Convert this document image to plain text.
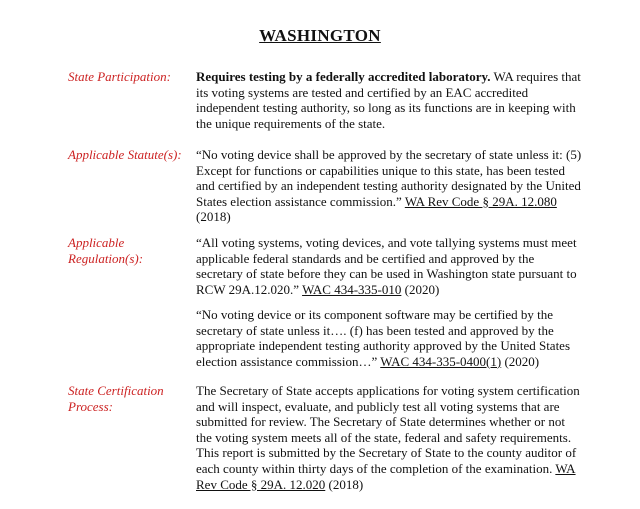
WASHINGTON
State Participation:	Requires testing by a federally accredited laboratory. WA requires that its voting systems are tested and certified by an EAC accredited independent testing authority, so long as its functions are in keeping with the unique requirements of the state.

Applicable Statute(s):	“No voting device shall be approved by the secretary of state unless it: (5) Except for functions or capabilities unique to this state, has been tested and certified by an independent testing authority designated by the United States election assistance commission.” WA Rev Code § 29A. 12.080 (2018)

Applicable Regulation(s):

“All voting systems, voting devices, and vote tallying systems must meet applicable federal standards and be certified and approved by the secretary of state before they can be used in Washington state pursuant to RCW 29A.12.020.” WAC 434-335-010 (2020)

“No voting device or its component software may be certified by the secretary of state unless it…. (f) has been tested and approved by the appropriate independent testing authority approved by the United States election assistance commission…” WAC 434-335-0400(1) (2020)

State Certification Process:

The Secretary of State accepts applications for voting system certification and will inspect, evaluate, and publicly test all voting systems that are submitted for review. The Secretary of State determines whether or not the voting system meets all of the state, federal and safety requirements. This report is submitted by the Secretary of State to the county auditor of each county within thirty days of the completion of the examination. WA Rev Code § 29A. 12.020 (2018)
